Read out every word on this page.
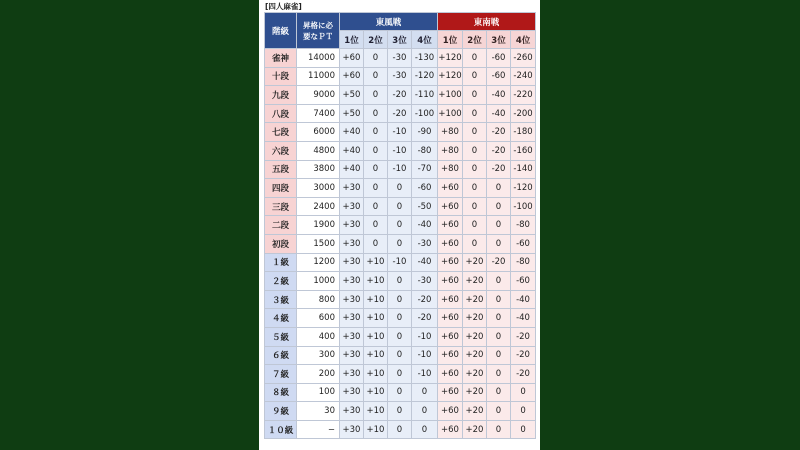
[四人麻雀]
階級	昇格に必要なＰＴ	東風戦				東南戦			
		1位	2位	3位	4位	1位	2位	3位	4位
雀神	14000	+60	0	-30	-130	+120	0	-60	-260
十段	11000	+60	0	-30	-120	+120	0	-60	-240
九段	9000	+50	0	-20	-110	+100	0	-40	-220
八段	7400	+50	0	-20	-100	+100	0	-40	-200
七段	6000	+40	0	-10	-90	+80	0	-20	-180
六段	4800	+40	0	-10	-80	+80	0	-20	-160
五段	3800	+40	0	-10	-70	+80	0	-20	-140
四段	3000	+30	0	0	-60	+60	0	0	-120
三段	2400	+30	0	0	-50	+60	0	0	-100
二段	1900	+30	0	0	-40	+60	0	0	-80
初段	1500	+30	0	0	-30	+60	0	0	-60
１級	1200	+30	+10	-10	-40	+60	+20	-20	-80
２級	1000	+30	+10	0	-30	+60	+20	0	-60
３級	800	+30	+10	0	-20	+60	+20	0	-40
４級	600	+30	+10	0	-20	+60	+20	0	-40
５級	400	+30	+10	0	-10	+60	+20	0	-20
６級	300	+30	+10	0	-10	+60	+20	0	-20
７級	200	+30	+10	0	-10	+60	+20	0	-20
８級	100	+30	+10	0	0	+60	+20	0	0
９級	30	+30	+10	0	0	+60	+20	0	0
１０級	−	+30	+10	0	0	+60	+20	0	0
